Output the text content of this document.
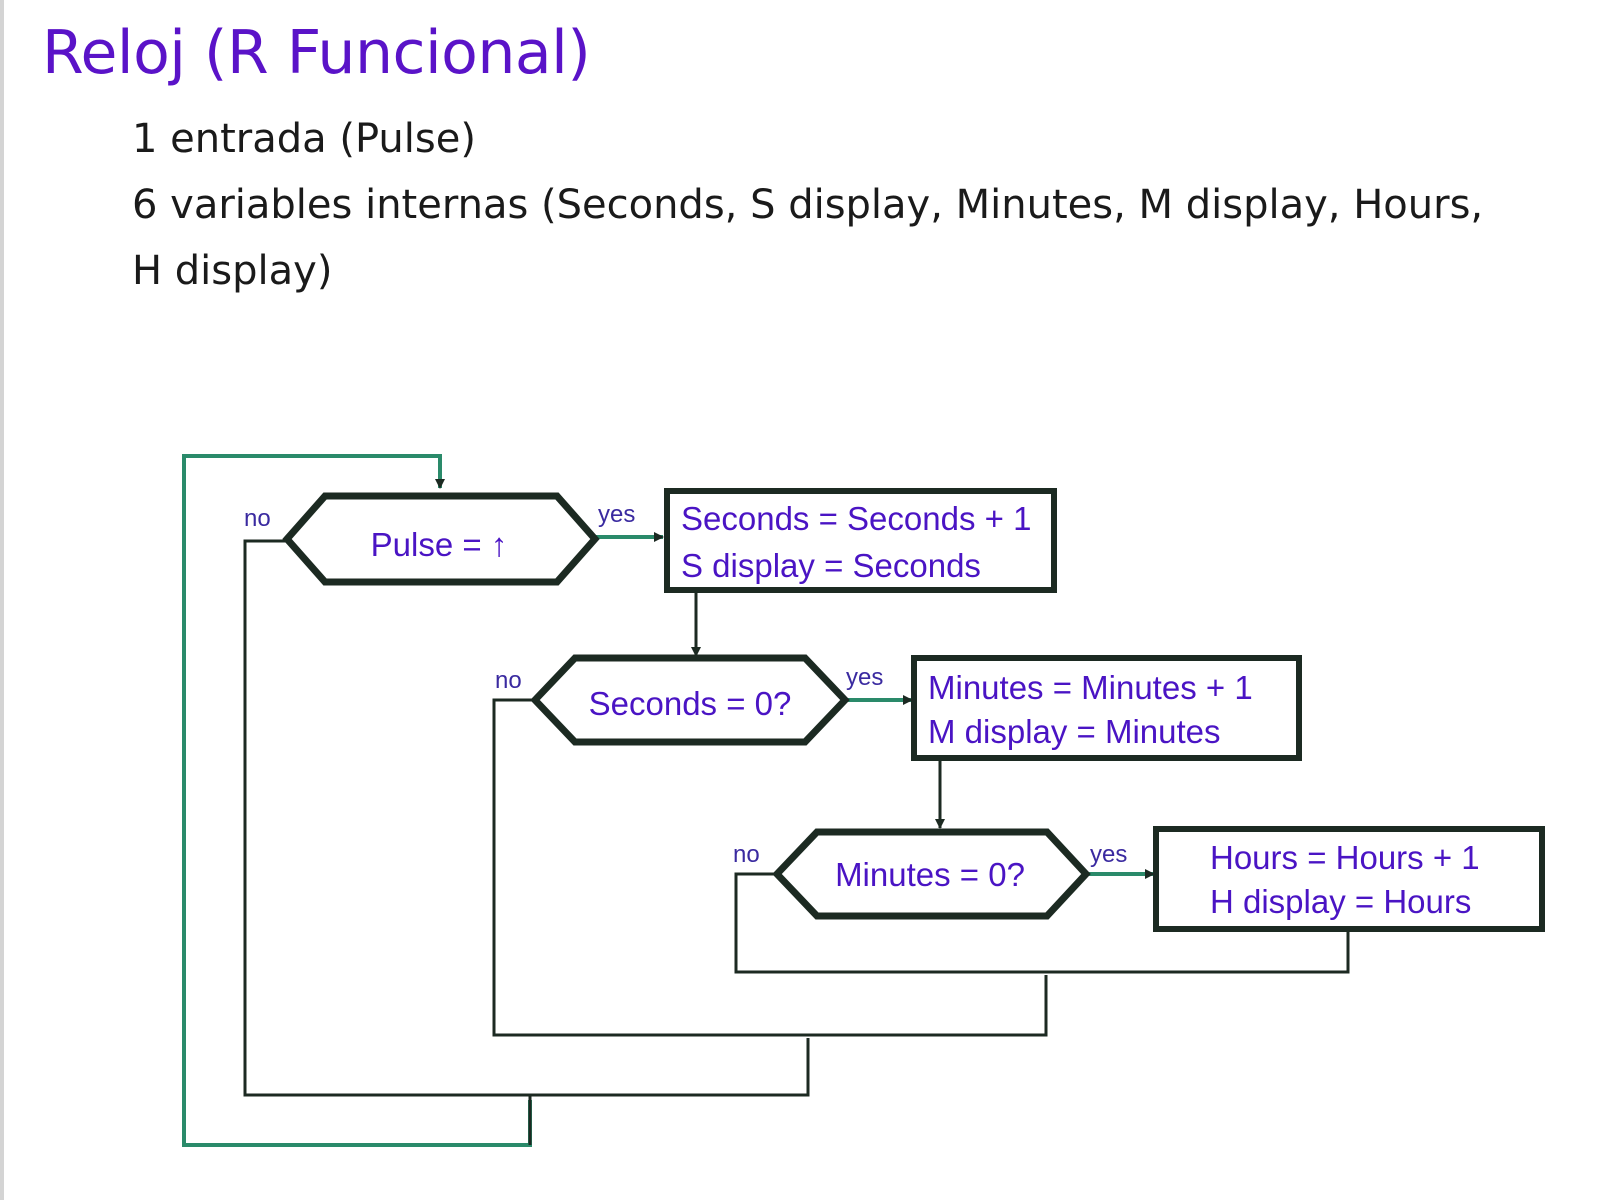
Reloj (R Funcional)
1 entrada (Pulse)
6 variables internas (Seconds, S display, Minutes, M display, Hours,
H display)
Pulse = ↑
yes
no	Seconds = Seconds + 1
S display = Seconds
Seconds = 0?
yes
no	Minutes = Minutes + 1
M display = Minutes
Minutes = 0?
yes
no	Hours = Hours + 1
H display = Hours
